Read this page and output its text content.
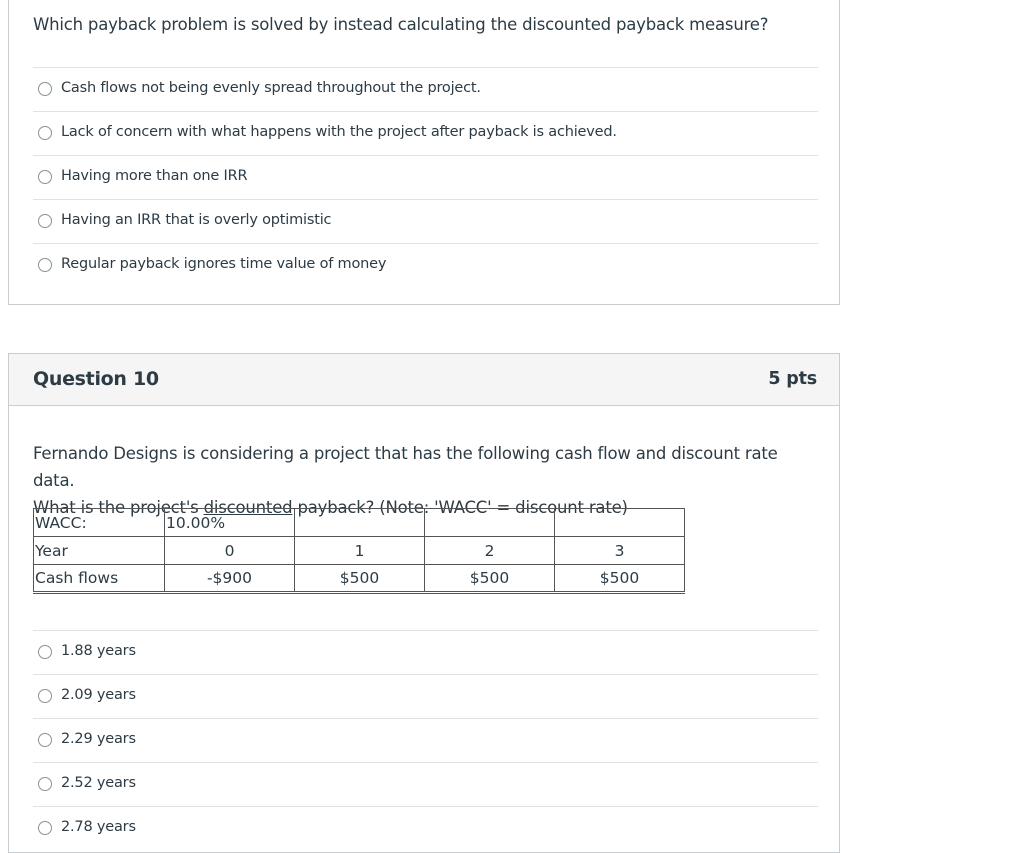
Which payback problem is solved by instead calculating the discounted payback measure?
Cash flows not being evenly spread throughout the project.
Lack of concern with what happens with the project after payback is achieved.
Having more than one IRR
Having an IRR that is overly optimistic
Regular payback ignores time value of money
Question 10	5 pts
Fernando Designs is considering a project that has the following cash flow and discount rate data.
What is the project's discounted payback? (Note: 'WACC' = discount rate)
WACC:	10.00%			
Year	0	1	2	3
Cash flows	-$900	$500	$500	$500
1.88 years
2.09 years
2.29 years
2.52 years
2.78 years
